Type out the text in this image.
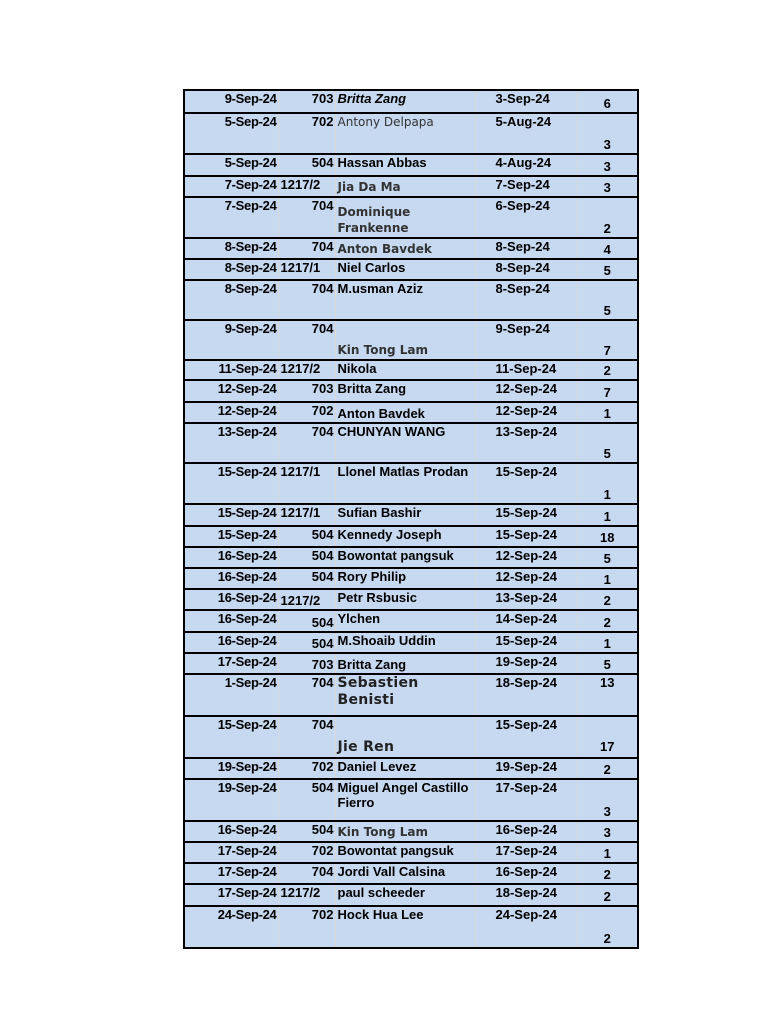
9-Sep-24	703	Britta Zang	3-Sep-24	6
5-Sep-24	702	Antony Delpapa	5-Aug-24	3
5-Sep-24	504	Hassan Abbas	4-Aug-24	3
7-Sep-24	1217/2	Jia Da Ma	7-Sep-24	3
7-Sep-24	704	Dominique Frankenne	6-Sep-24	2
8-Sep-24	704	Anton Bavdek	8-Sep-24	4
8-Sep-24	1217/1	Niel Carlos	8-Sep-24	5
8-Sep-24	704	M.usman Aziz	8-Sep-24	5
9-Sep-24	704	Kin Tong Lam	9-Sep-24	7
11-Sep-24	1217/2	Nikola	11-Sep-24	2
12-Sep-24	703	Britta Zang	12-Sep-24	7
12-Sep-24	702	Anton Bavdek	12-Sep-24	1
13-Sep-24	704	CHUNYAN WANG	13-Sep-24	5
15-Sep-24	1217/1	Llonel Matlas Prodan	15-Sep-24	1
15-Sep-24	1217/1	Sufian Bashir	15-Sep-24	1
15-Sep-24	504	Kennedy Joseph	15-Sep-24	18
16-Sep-24	504	Bowontat pangsuk	12-Sep-24	5
16-Sep-24	504	Rory Philip	12-Sep-24	1
16-Sep-24	1217/2	Petr Rsbusic	13-Sep-24	2
16-Sep-24	504	Ylchen	14-Sep-24	2
16-Sep-24	504	M.Shoaib Uddin	15-Sep-24	1
17-Sep-24	703	Britta Zang	19-Sep-24	5
1-Sep-24	704	Sebastien Benisti	18-Sep-24	13
15-Sep-24	704	Jie Ren	15-Sep-24	17
19-Sep-24	702	Daniel Levez	19-Sep-24	2
19-Sep-24	504	Miguel Angel Castillo Fierro	17-Sep-24	3
16-Sep-24	504	Kin Tong Lam	16-Sep-24	3
17-Sep-24	702	Bowontat pangsuk	17-Sep-24	1
17-Sep-24	704	Jordi Vall Calsina	16-Sep-24	2
17-Sep-24	1217/2	paul scheeder	18-Sep-24	2
24-Sep-24	702	Hock Hua Lee	24-Sep-24	2
